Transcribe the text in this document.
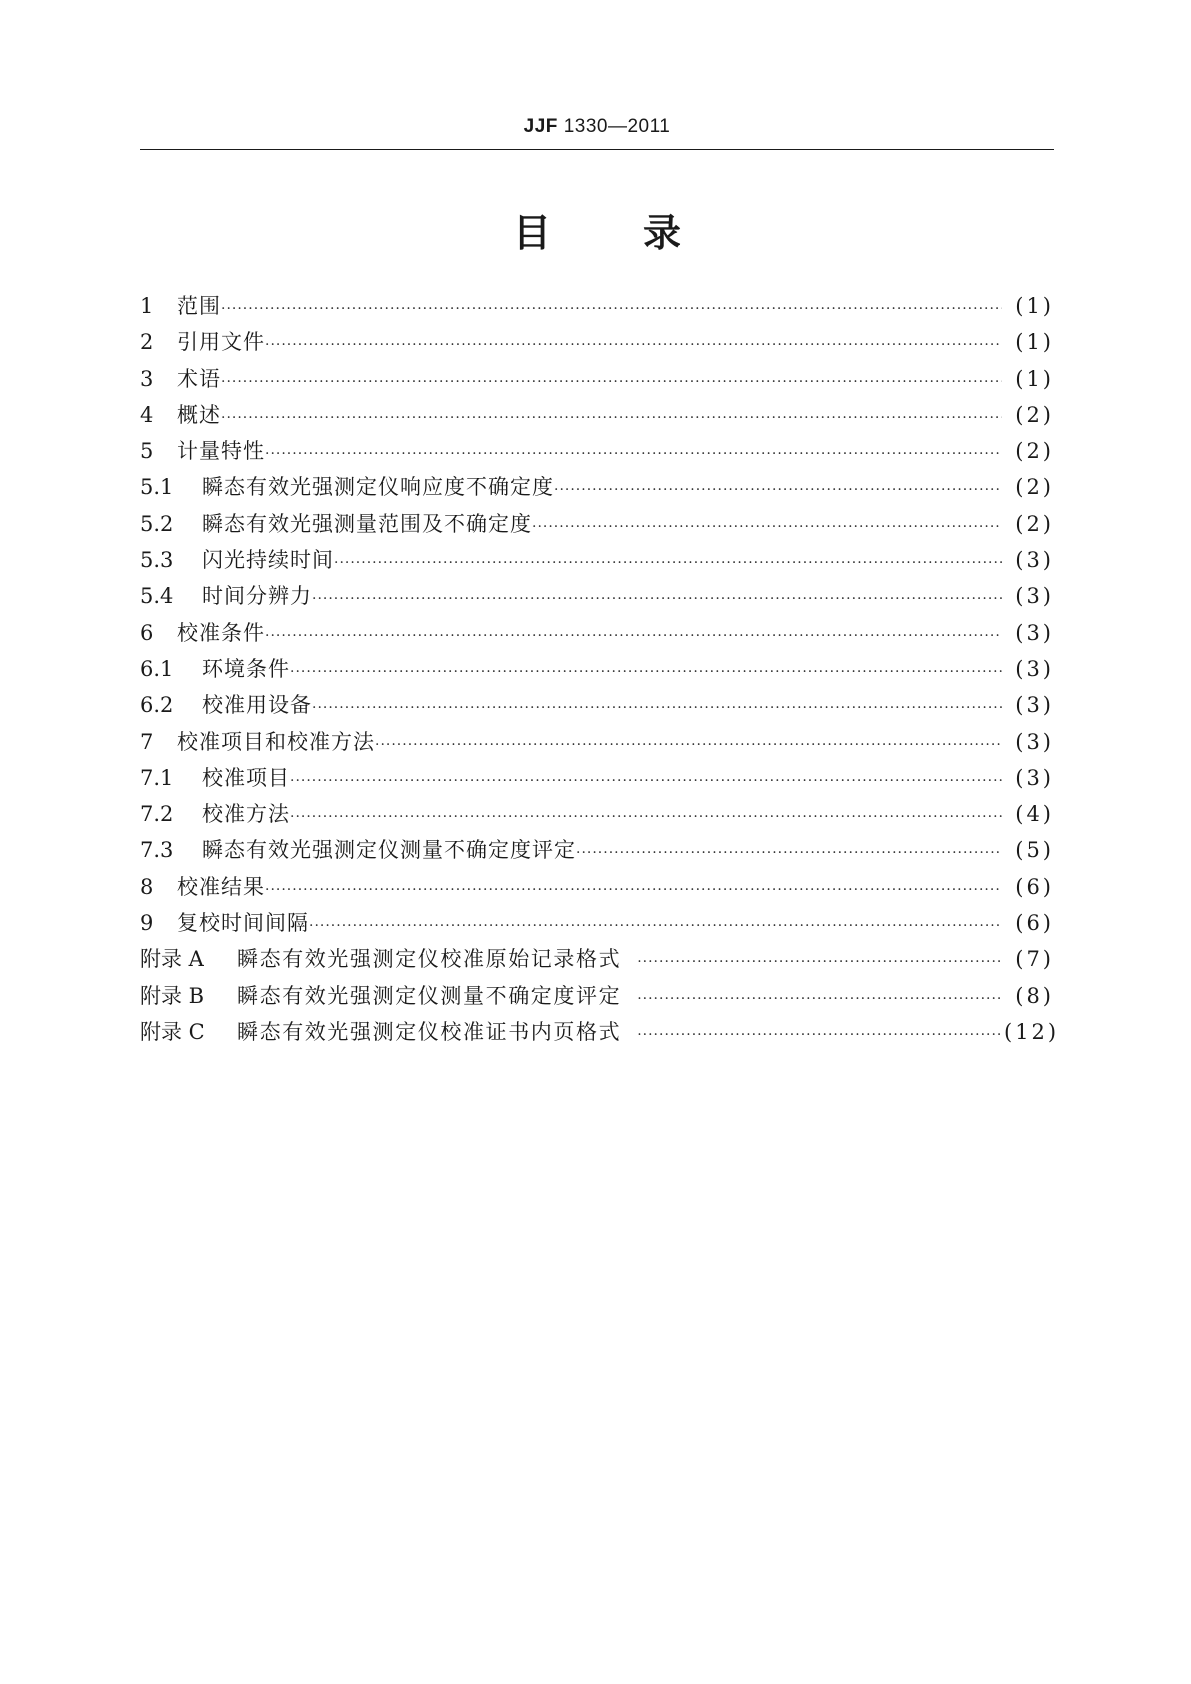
JJF 1330—2011
目 录
1	范围 ·····	(1)
2	引用文件 ·····	(1)
3	术语 ·····	(1)
4	概述 ·····	(2)
5	计量特性 ·····	(2)
5.1	瞬态有效光强测定仪响应度不确定度 ·····	(2)
5.2	瞬态有效光强测量范围及不确定度 ·····	(2)
5.3	闪光持续时间 ·····	(3)
5.4	时间分辨力 ·····	(3)
6	校准条件 ·····	(3)
6.1	环境条件 ·····	(3)
6.2	校准用设备 ·····	(3)
7	校准项目和校准方法 ·····	(3)
7.1	校准项目 ·····	(3)
7.2	校准方法 ·····	(4)
7.3	瞬态有效光强测定仪测量不确定度评定 ·····	(5)
8	校准结果 ·····	(6)
9	复校时间间隔 ·····	(6)
附录 A	瞬态有效光强测定仪校准原始记录格式 ·····	(7)
附录 B	瞬态有效光强测定仪测量不确定度评定 ·····	(8)
附录 C	瞬态有效光强测定仪校准证书内页格式 ·····	(12)
